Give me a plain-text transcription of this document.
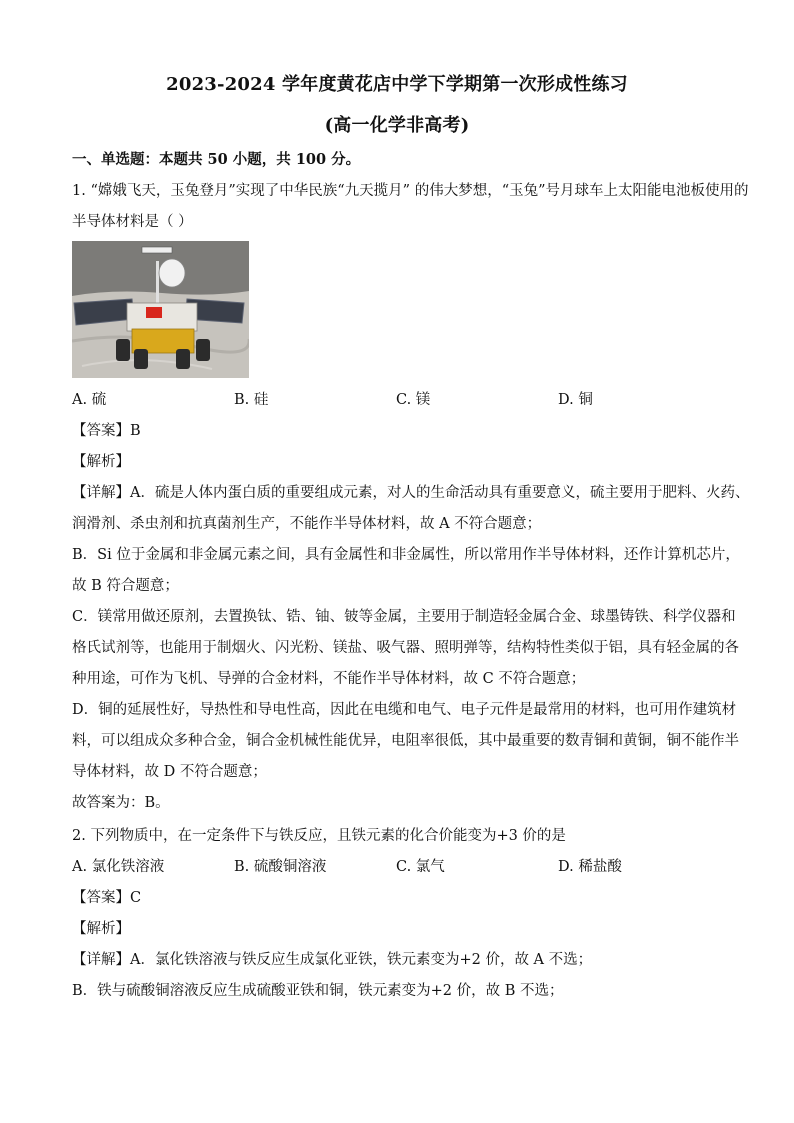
2023-2024 学年度黄花店中学下学期第一次形成性练习
(高一化学非高考)
一、单选题：本题共 50 小题，共 100 分。
1. “嫦娥飞天，玉兔登月”实现了中华民族“九天揽月” 的伟大梦想，“玉兔”号月球车上太阳能电池板使用的
半导体材料是（ ）
A. 硫	B. 硅	C. 镁	D. 铜
【答案】B
【解析】
【详解】A．硫是人体内蛋白质的重要组成元素，对人的生命活动具有重要意义，硫主要用于肥料、火药、
润滑剂、杀虫剂和抗真菌剂生产，不能作半导体材料，故 A 不符合题意；
B．Si 位于金属和非金属元素之间，具有金属性和非金属性，所以常用作半导体材料，还作计算机芯片，
故 B 符合题意；
C．镁常用做还原剂，去置换钛、锆、铀、铍等金属，主要用于制造轻金属合金、球墨铸铁、科学仪器和
格氏试剂等，也能用于制烟火、闪光粉、镁盐、吸气器、照明弹等，结构特性类似于铝，具有轻金属的各
种用途，可作为飞机、导弹的合金材料，不能作半导体材料，故 C 不符合题意；
D．铜的延展性好，导热性和导电性高，因此在电缆和电气、电子元件是最常用的材料，也可用作建筑材
料，可以组成众多种合金，铜合金机械性能优异，电阻率很低，其中最重要的数青铜和黄铜，铜不能作半
导体材料，故 D 不符合题意；
故答案为：B。
2. 下列物质中，在一定条件下与铁反应，且铁元素的化合价能变为+3 价的是
A. 氯化铁溶液	B. 硫酸铜溶液	C. 氯气	D. 稀盐酸
【答案】C
【解析】
【详解】A．氯化铁溶液与铁反应生成氯化亚铁，铁元素变为+2 价，故 A 不选；
B．铁与硫酸铜溶液反应生成硫酸亚铁和铜，铁元素变为+2 价，故 B 不选；
